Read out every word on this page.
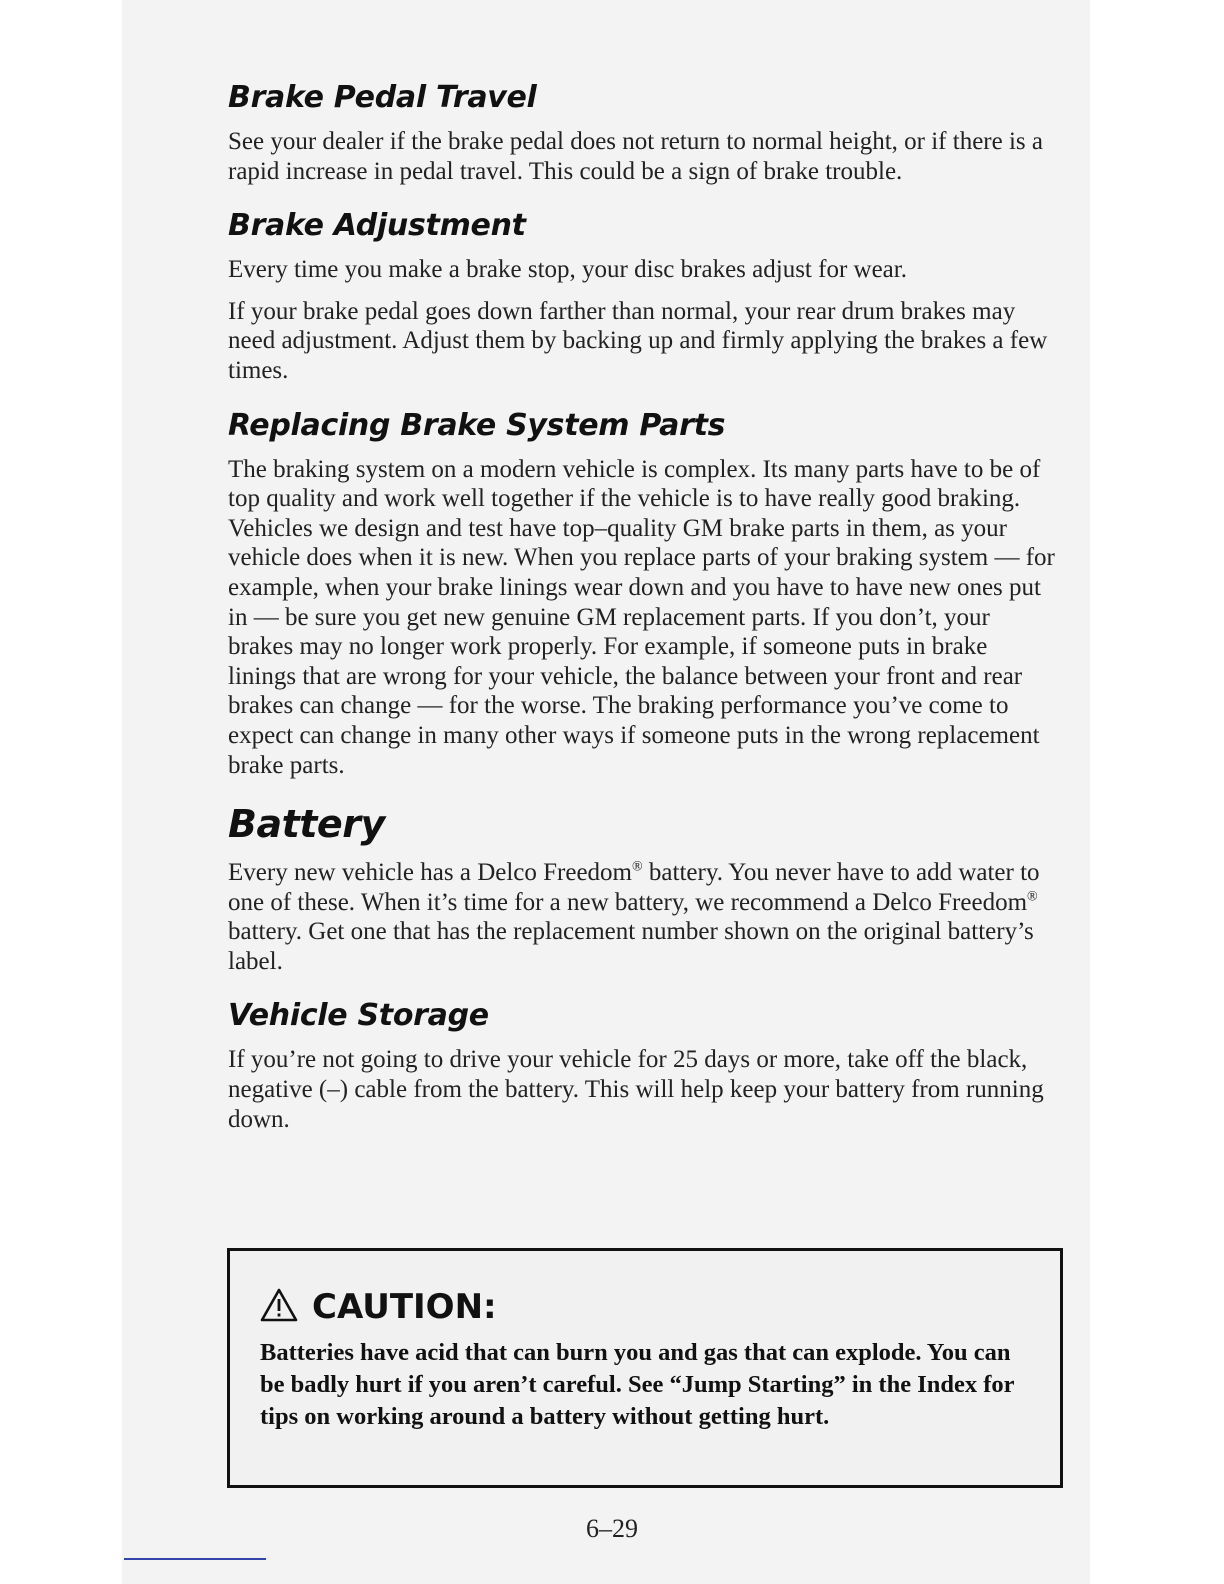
Brake Pedal Travel

See your dealer if the brake pedal does not return to normal height, or if there is a rapid increase in pedal travel. This could be a sign of brake trouble.

Brake Adjustment

Every time you make a brake stop, your disc brakes adjust for wear.

If your brake pedal goes down farther than normal, your rear drum brakes may need adjustment. Adjust them by backing up and firmly applying the brakes a few times.

Replacing Brake System Parts

The braking system on a modern vehicle is complex. Its many parts have to be of top quality and work well together if the vehicle is to have really good braking. Vehicles we design and test have top–quality GM brake parts in them, as your vehicle does when it is new. When you replace parts of your braking system — for example, when your brake linings wear down and you have to have new ones put in — be sure you get new genuine GM replacement parts. If you don’t, your brakes may no longer work properly. For example, if someone puts in brake linings that are wrong for your vehicle, the balance between your front and rear brakes can change — for the worse. The braking performance you’ve come to expect can change in many other ways if someone puts in the wrong replacement brake parts.

Battery

Every new vehicle has a Delco Freedom® battery. You never have to add water to one of these. When it’s time for a new battery, we recommend a Delco Freedom® battery. Get one that has the replacement number shown on the original battery’s label.

Vehicle Storage

If you’re not going to drive your vehicle for 25 days or more, take off the black, negative (–) cable from the battery. This will help keep your battery from running down.

CAUTION:
Batteries have acid that can burn you and gas that can explode. You can be badly hurt if you aren’t careful. See “Jump Starting” in the Index for tips on working around a battery without getting hurt.
6–29
